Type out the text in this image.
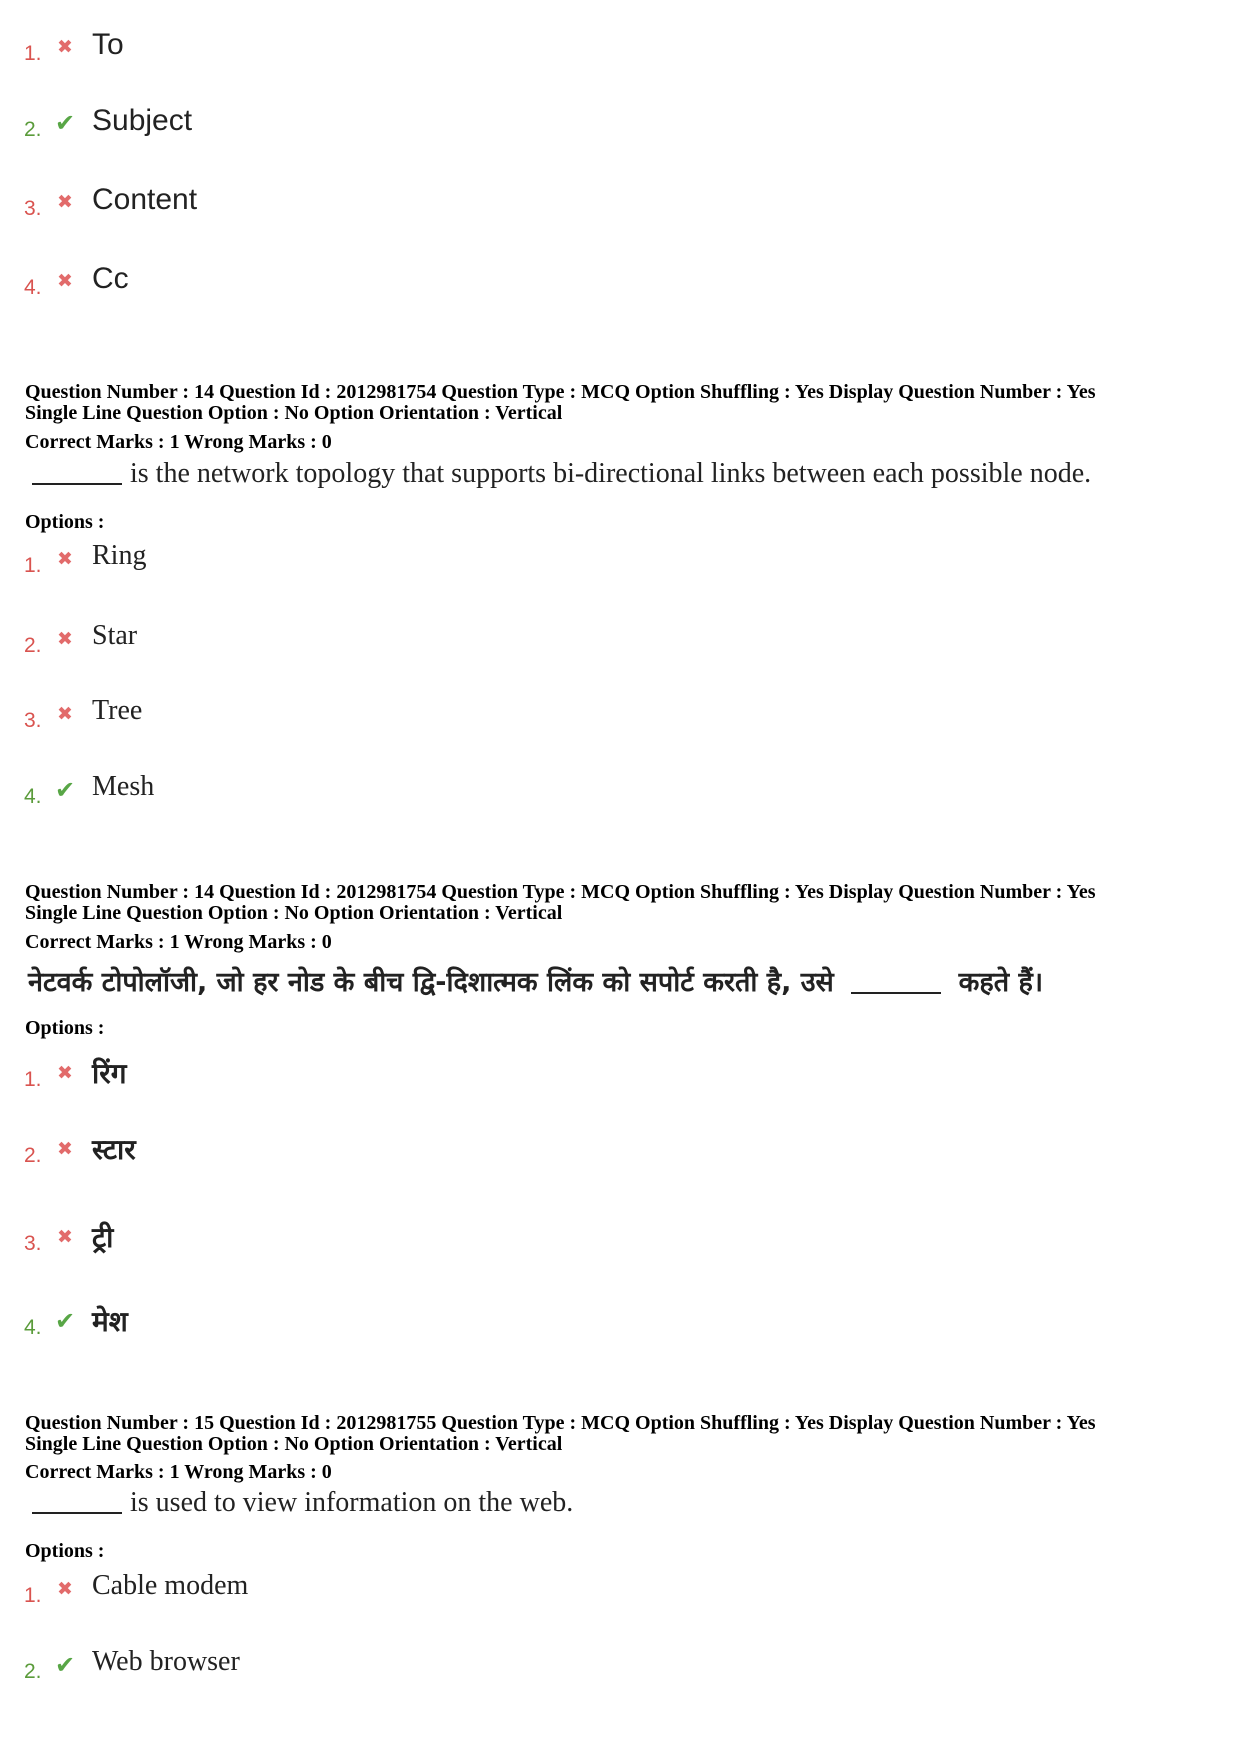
1. ✖ To
2. ✔ Subject
3. ✖ Content
4. ✖ Cc
Question Number : 14 Question Id : 2012981754 Question Type : MCQ Option Shuffling : Yes Display Question Number : Yes
Single Line Question Option : No Option Orientation : Vertical
Correct Marks : 1 Wrong Marks : 0
is the network topology that supports bi-directional links between each possible node.
Options :
1. ✖ Ring
2. ✖ Star
3. ✖ Tree
4. ✔ Mesh
Question Number : 14 Question Id : 2012981754 Question Type : MCQ Option Shuffling : Yes Display Question Number : Yes
Single Line Question Option : No Option Orientation : Vertical
Correct Marks : 1 Wrong Marks : 0
नेटवर्क टोपोलॉजी, जो हर नोड के बीच द्वि-दिशात्मक लिंक को सपोर्ट करती है, उसे	कहते हैं।
Options :
1. ✖ रिंग
2. ✖ स्टार
3. ✖ ट्री
4. ✔ मेश
Question Number : 15 Question Id : 2012981755 Question Type : MCQ Option Shuffling : Yes Display Question Number : Yes
Single Line Question Option : No Option Orientation : Vertical
Correct Marks : 1 Wrong Marks : 0
is used to view information on the web.
Options :
1. ✖ Cable modem
2. ✔ Web browser
